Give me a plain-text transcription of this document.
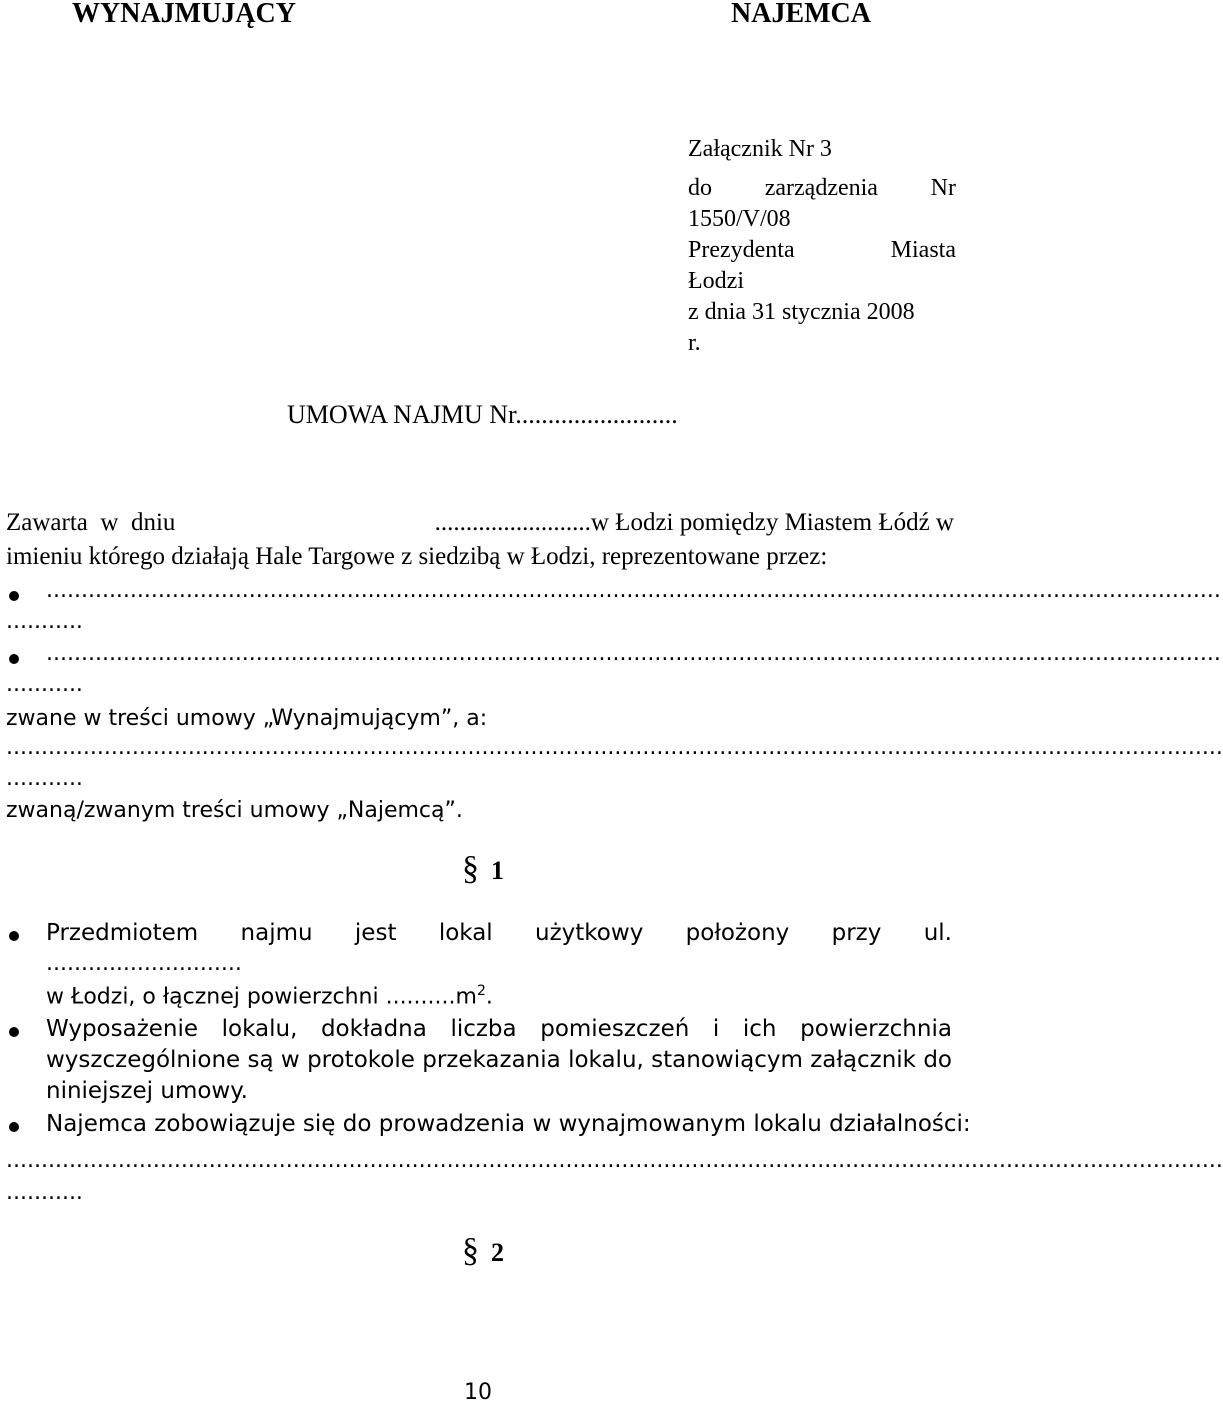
WYNAJMUJĄCY	NAJEMCA
Załącznik Nr 3
do zarządzenia Nr
1550/V/08
Prezydenta	Miasta
Łodzi
z dnia 31 stycznia 2008
r.
UMOWA NAJMU Nr.........................
Zawarta  w  dniu	.........................w Łodzi pomiędzy Miastem Łódź w
imieniu którego działają Hale Targowe z siedzibą w Łodzi, reprezentowane przez:
........................................................................................................................................................................
...........
........................................................................................................................................................................
...........
zwane w treści umowy „Wynajmującym”, a:
..............................................................................................................................................................................
...........
zwaną/zwanym treści umowy „Najemcą”.
§ 1
Przedmiotem najmu jest lokal użytkowy położony przy ul.
............................
w Łodzi, o łącznej powierzchni $..........m^2$.
Wyposażenie lokalu, dokładna liczba pomieszczeń i ich powierzchnia
wyszczególnione są w protokole przekazania lokalu, stanowiącym załącznik do
niniejszej umowy.
Najemca zobowiązuje się do prowadzenia w wynajmowanym lokalu działalności:
..............................................................................................................................................................................
...........
§ 2
10
